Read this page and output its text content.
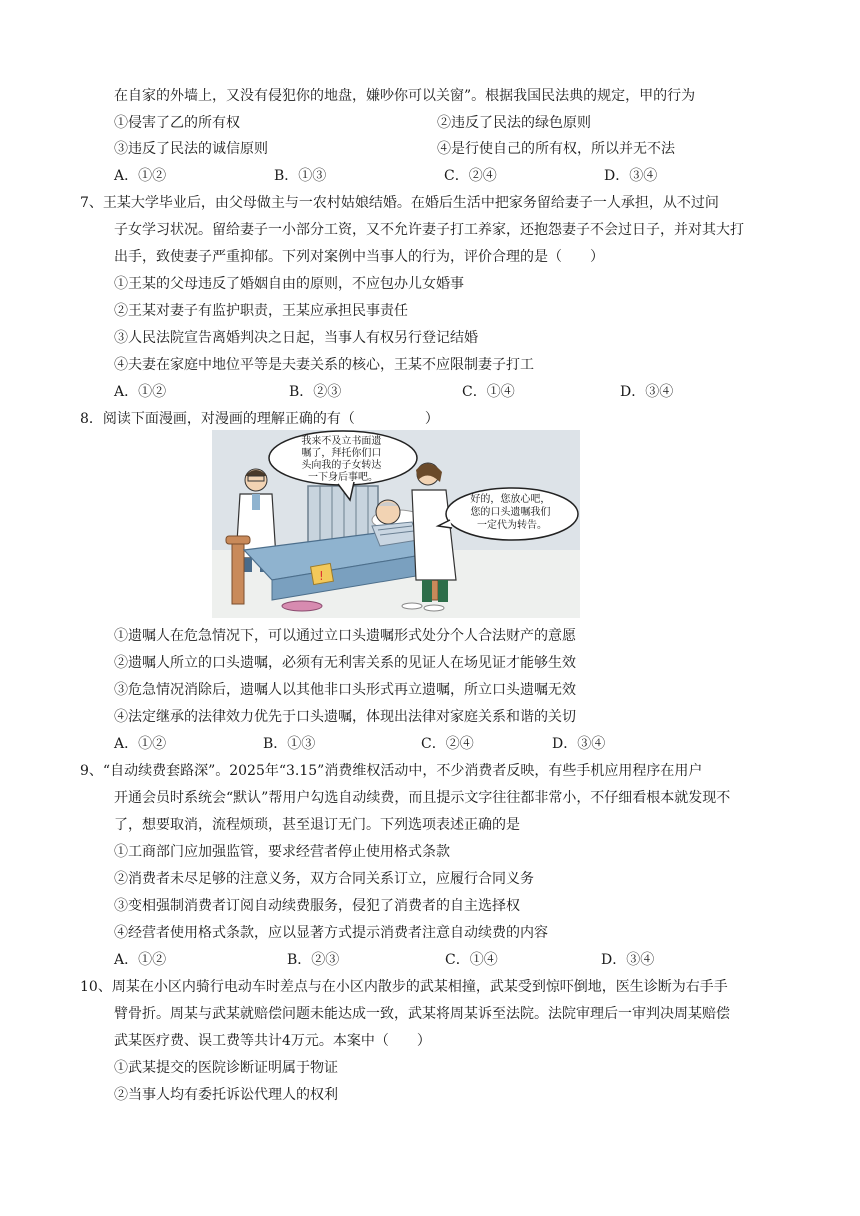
在自家的外墙上，又没有侵犯你的地盘，嫌吵你可以关窗”。根据我国民法典的规定，甲的行为
①侵害了乙的所有权	②违反了民法的绿色原则
③违反了民法的诚信原则	④是行使自己的所有权，所以并无不法
A．①②	B．①③	C．②④	D．③④
7、王某大学毕业后，由父母做主与一农村姑娘结婚。在婚后生活中把家务留给妻子一人承担，从不过问
子女学习状况。留给妻子一小部分工资，又不允许妻子打工养家，还抱怨妻子不会过日子，并对其大打
出手，致使妻子严重抑郁。下列对案例中当事人的行为，评价合理的是（　　）
①王某的父母违反了婚姻自由的原则，不应包办儿女婚事
②王某对妻子有监护职责，王某应承担民事责任
③人民法院宣告离婚判决之日起，当事人有权另行登记结婚
④夫妻在家庭中地位平等是夫妻关系的核心，王某不应限制妻子打工
A．①②	B．②③	C．①④	D．③④
8．阅读下面漫画，对漫画的理解正确的有（　　　　　）
!
我来不及立书面遗 嘱了，拜托你们口 头向我的子女转达 一下身后事吧。
好的，您放心吧， 您的口头遗嘱我们 一定代为转告。
①遗嘱人在危急情况下，可以通过立口头遗嘱形式处分个人合法财产的意愿
②遗嘱人所立的口头遗嘱，必须有无利害关系的见证人在场见证才能够生效
③危急情况消除后，遗嘱人以其他非口头形式再立遗嘱，所立口头遗嘱无效
④法定继承的法律效力优先于口头遗嘱，体现出法律对家庭关系和谐的关切
A．①②	B．①③	C．②④	D．③④
9、“自动续费套路深”。2025年“3.15”消费维权活动中，不少消费者反映，有些手机应用程序在用户
开通会员时系统会“默认”帮用户勾选自动续费，而且提示文字往往都非常小，不仔细看根本就发现不
了，想要取消，流程烦琐，甚至退订无门。下列选项表述正确的是
①工商部门应加强监管，要求经营者停止使用格式条款
②消费者未尽足够的注意义务，双方合同关系订立，应履行合同义务
③变相强制消费者订阅自动续费服务，侵犯了消费者的自主选择权
④经营者使用格式条款，应以显著方式提示消费者注意自动续费的内容
A．①②	B．②③	C．①④	D．③④
10、周某在小区内骑行电动车时差点与在小区内散步的武某相撞，武某受到惊吓倒地，医生诊断为右手手
臂骨折。周某与武某就赔偿问题未能达成一致，武某将周某诉至法院。法院审理后一审判决周某赔偿
武某医疗费、误工费等共计4万元。本案中（　　）
①武某提交的医院诊断证明属于物证
②当事人均有委托诉讼代理人的权利
